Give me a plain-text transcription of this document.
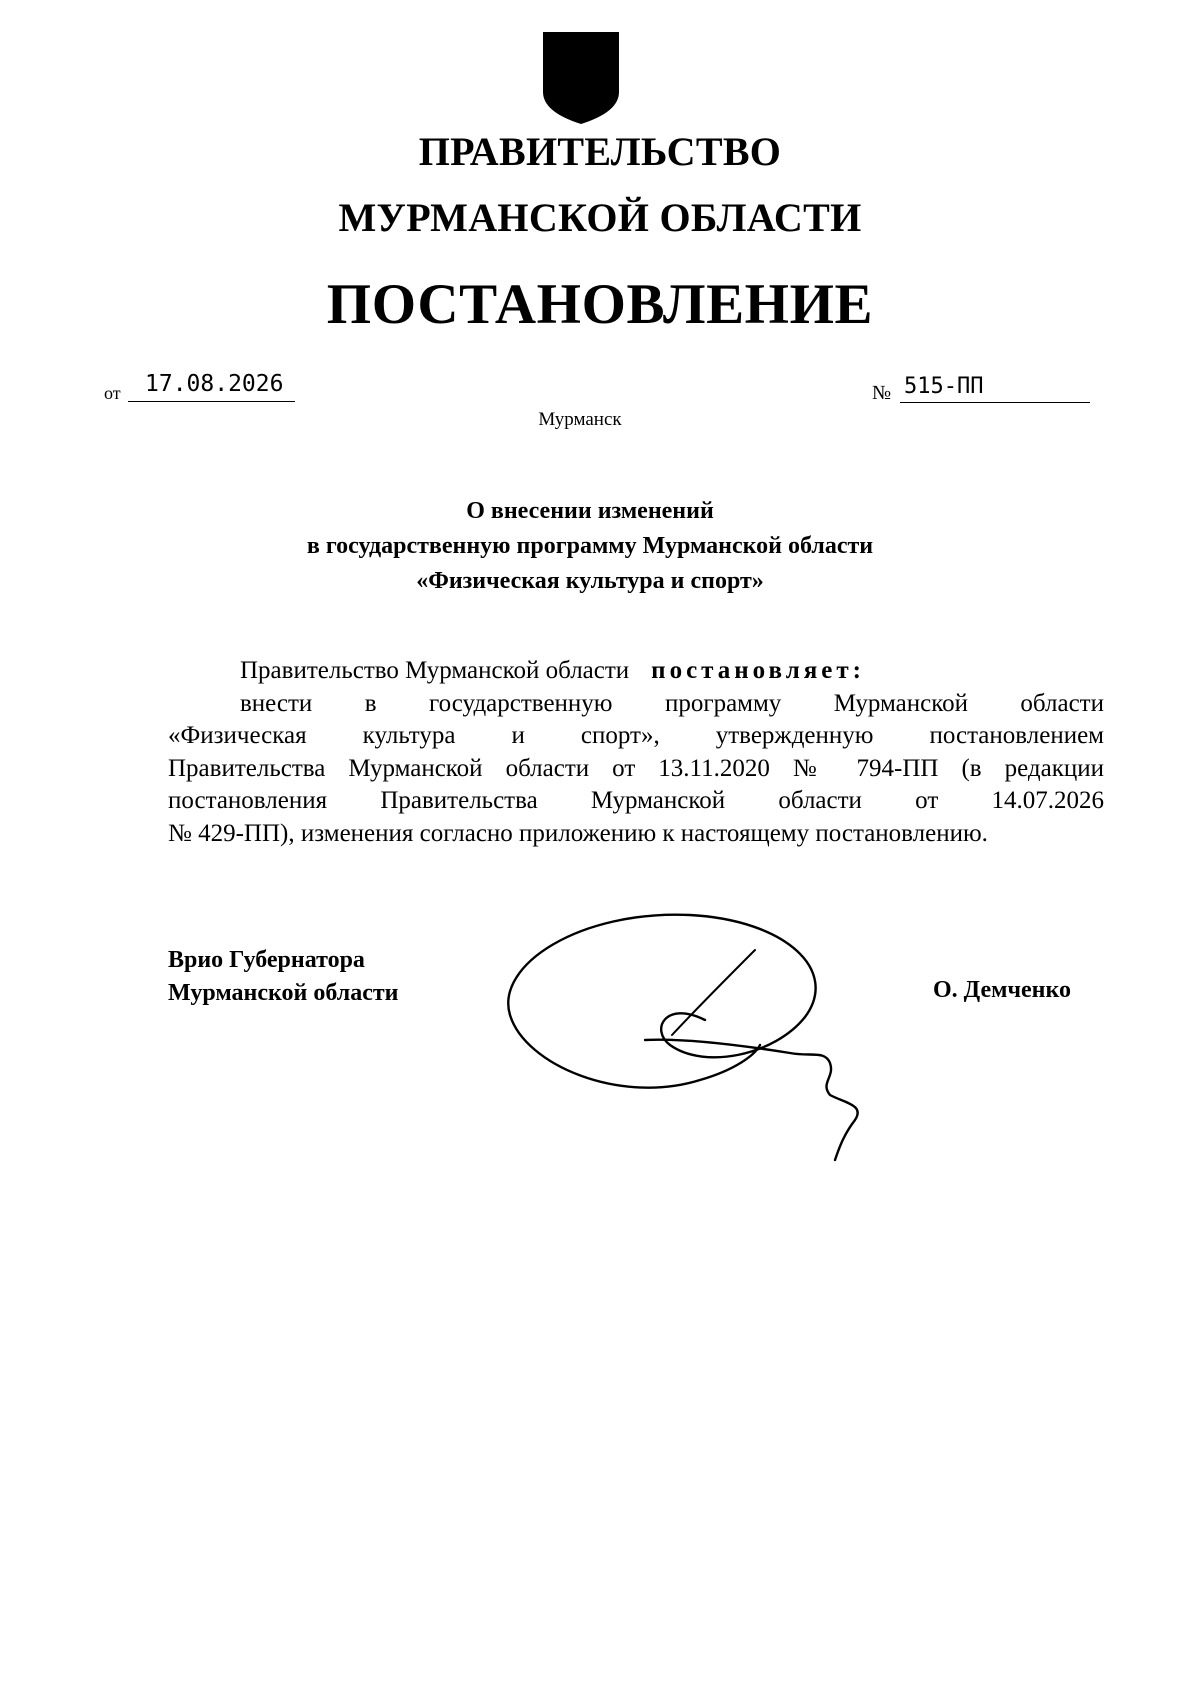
ПРАВИТЕЛЬСТВО
МУРМАНСКОЙ ОБЛАСТИ
ПОСТАНОВЛЕНИЕ
от 17.08.2026	№ 515-ПП
Мурманск
О внесении изменений
в государственную программу Мурманской области
«Физическая культура и спорт»
Правительство Мурманской области постановляет:
внести в государственную программу Мурманской области
«Физическая культура и спорт», утвержденную постановлением
Правительства Мурманской области от 13.11.2020 № 794-ПП (в редакции
постановления Правительства Мурманской области от 14.07.2026
№ 429-ПП), изменения согласно приложению к настоящему постановлению.
Врио Губернатора
Мурманской области	О. Демченко
